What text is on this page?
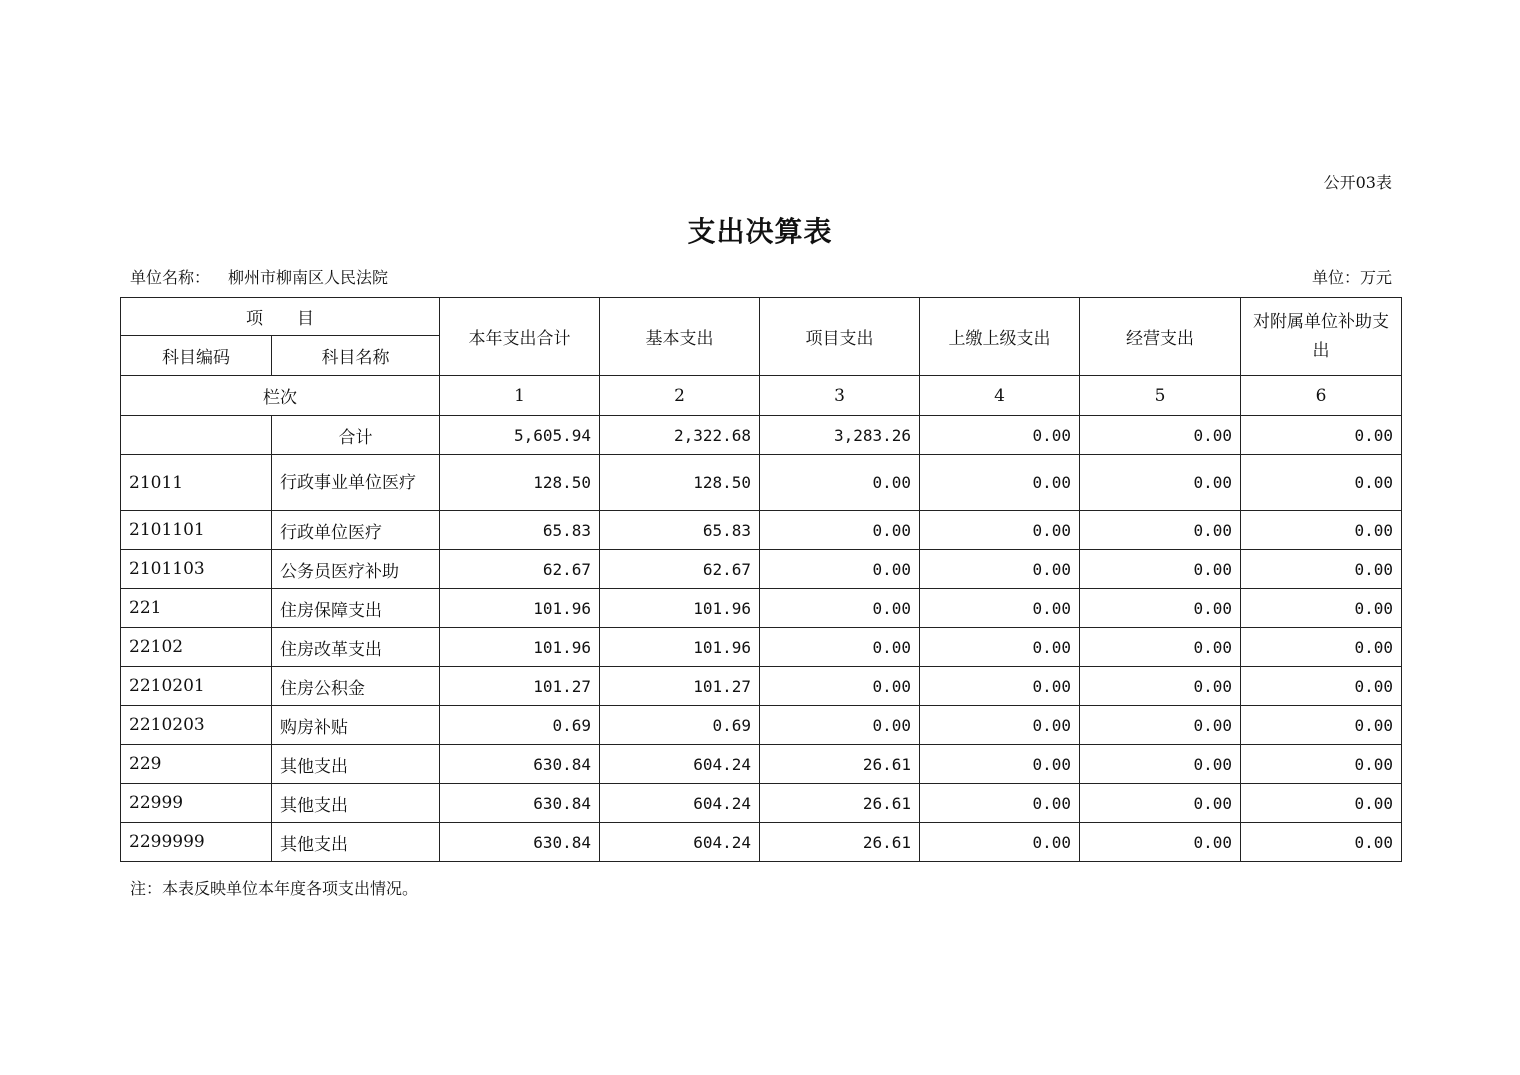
公开03表
支出决算表
单位名称： 柳州市柳南区人民法院	单位：万元
项　　目		本年支出合计	基本支出	项目支出	上缴上级支出	经营支出	对附属单位补助支出
科目编码	科目名称						
栏次		1	2	3	4	5	6
	合计	5,605.94	2,322.68	3,283.26	0.00	0.00	0.00
21011	行政事业单位医疗	128.50	128.50	0.00	0.00	0.00	0.00
2101101	行政单位医疗	65.83	65.83	0.00	0.00	0.00	0.00
2101103	公务员医疗补助	62.67	62.67	0.00	0.00	0.00	0.00
221	住房保障支出	101.96	101.96	0.00	0.00	0.00	0.00
22102	住房改革支出	101.96	101.96	0.00	0.00	0.00	0.00
2210201	住房公积金	101.27	101.27	0.00	0.00	0.00	0.00
2210203	购房补贴	0.69	0.69	0.00	0.00	0.00	0.00
229	其他支出	630.84	604.24	26.61	0.00	0.00	0.00
22999	其他支出	630.84	604.24	26.61	0.00	0.00	0.00
2299999	其他支出	630.84	604.24	26.61	0.00	0.00	0.00
注：本表反映单位本年度各项支出情况。
